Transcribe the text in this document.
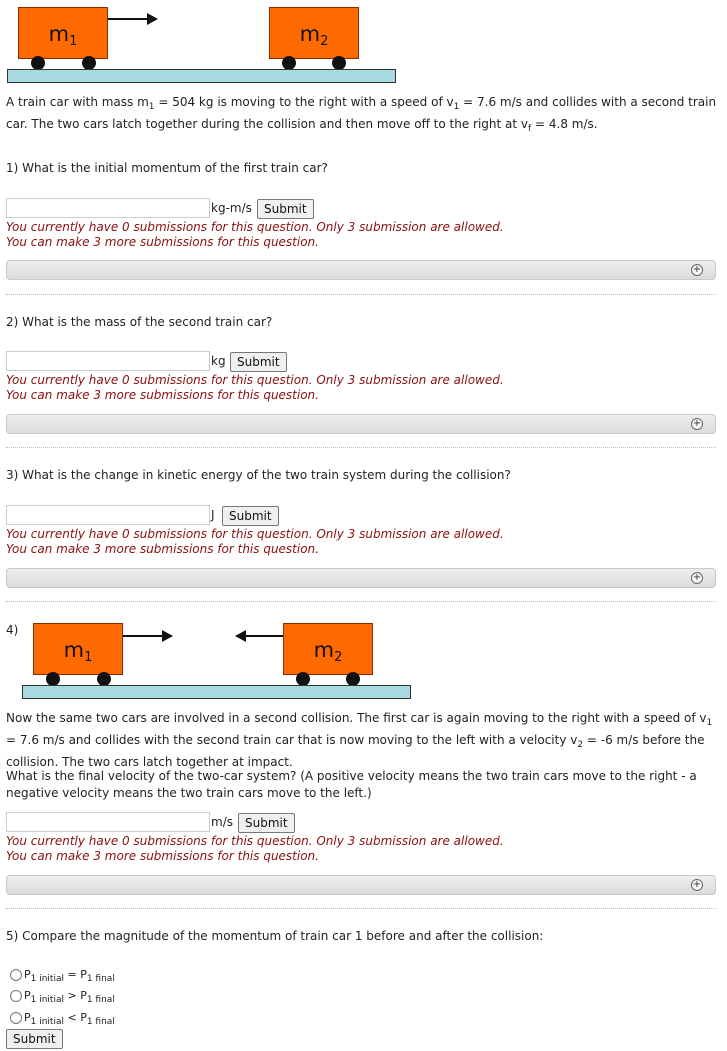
$m_1$	$m_2$
A train car with mass $m_1 = 504$ kg is moving to the right with a speed of $v_1 = 7.6$ m/s and collides with a second train car. The two cars latch together during the collision and then move off to the right at $v_f = 4.8$ m/s.
1) What is the initial momentum of the first train car?
kg-m/s	Submit
You currently have 0 submissions for this question. Only 3 submission are allowed.
You can make 3 more submissions for this question.
+
2) What is the mass of the second train car?
kg Submit
You currently have 0 submissions for this question. Only 3 submission are allowed.
You can make 3 more submissions for this question.
+
3) What is the change in kinetic energy of the two train system during the collision?
J	Submit
You currently have 0 submissions for this question. Only 3 submission are allowed.
You can make 3 more submissions for this question.
+
4)
$m_1$	$m_2$
Now the same two cars are involved in a second collision. The first car is again moving to the right with a speed of $v_1 = 7.6$ m/s and collides with the second train car that is now moving to the left with a velocity $v_2 = -6$ m/s before the collision. The two cars latch together at impact.
What is the final velocity of the two-car system? (A positive velocity means the two train cars move to the right - a negative velocity means the two train cars move to the left.)
m/s	Submit
You currently have 0 submissions for this question. Only 3 submission are allowed.
You can make 3 more submissions for this question.
+
5) Compare the magnitude of the momentum of train car 1 before and after the collision:
$P_{1 initial} = P_{1 final}$
$P_{1 initial} > P_{1 final}$
$P_{1 initial} < P_{1 final}$
Submit
